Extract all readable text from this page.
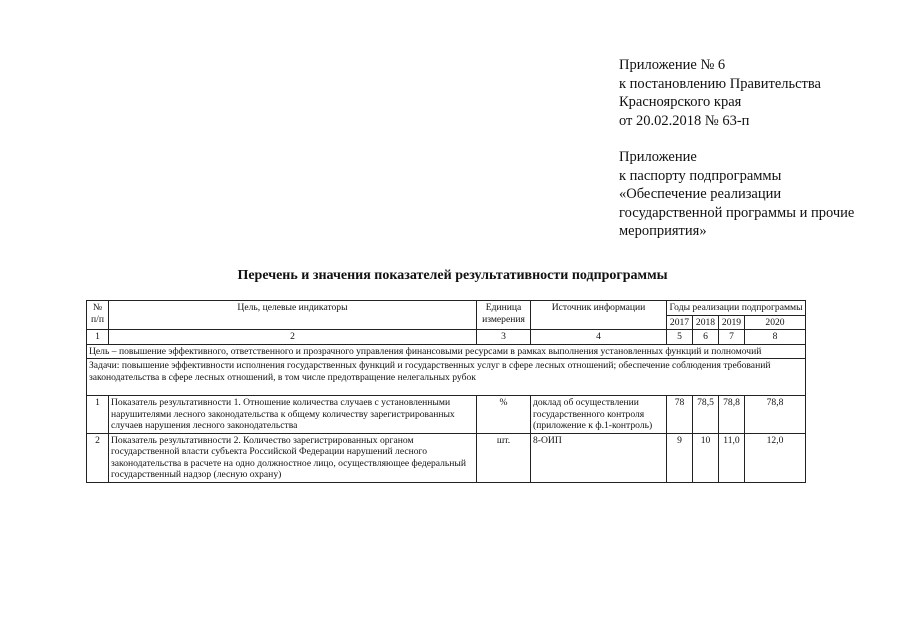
Приложение № 6
к постановлению Правительства
Красноярского края
от 20.02.2018 № 63-п
Приложение
к паспорту подпрограммы
«Обеспечение реализации
государственной программы и прочие
мероприятия»
Перечень и значения показателей результативности подпрограммы
№ п/п	Цель, целевые индикаторы	Единица измерения	Источник информации	Годы реализации подпрограммы			
				2017	2018	2019	2020
1	2	3	4	5	6	7	8
Цель – повышение эффективного, ответственного и прозрачного управления финансовыми ресурсами в рамках выполнения установленных функций и полномочий							
Задачи: повышение эффективности исполнения государственных функций и государственных услуг в сфере лесных отношений; обеспечение соблюдения требований законодательства в сфере лесных отношений, в том числе предотвращение нелегальных рубок							
1	Показатель результативности 1. Отношение количества случаев с установленными нарушителями лесного законодательства к общему количеству зарегистрированных случаев нарушения лесного законодательства	%	доклад об осуществлении государственного контроля (приложение к ф.1-контроль)	78	78,5	78,8	78,8
2	Показатель результативности 2. Количество зарегистрированных органом государственной власти субъекта Российской Федерации нарушений лесного законодательства в расчете на одно должностное лицо, осуществляющее федеральный государственный надзор (лесную охрану)	шт.	8-ОИП	9	10	11,0	12,0
